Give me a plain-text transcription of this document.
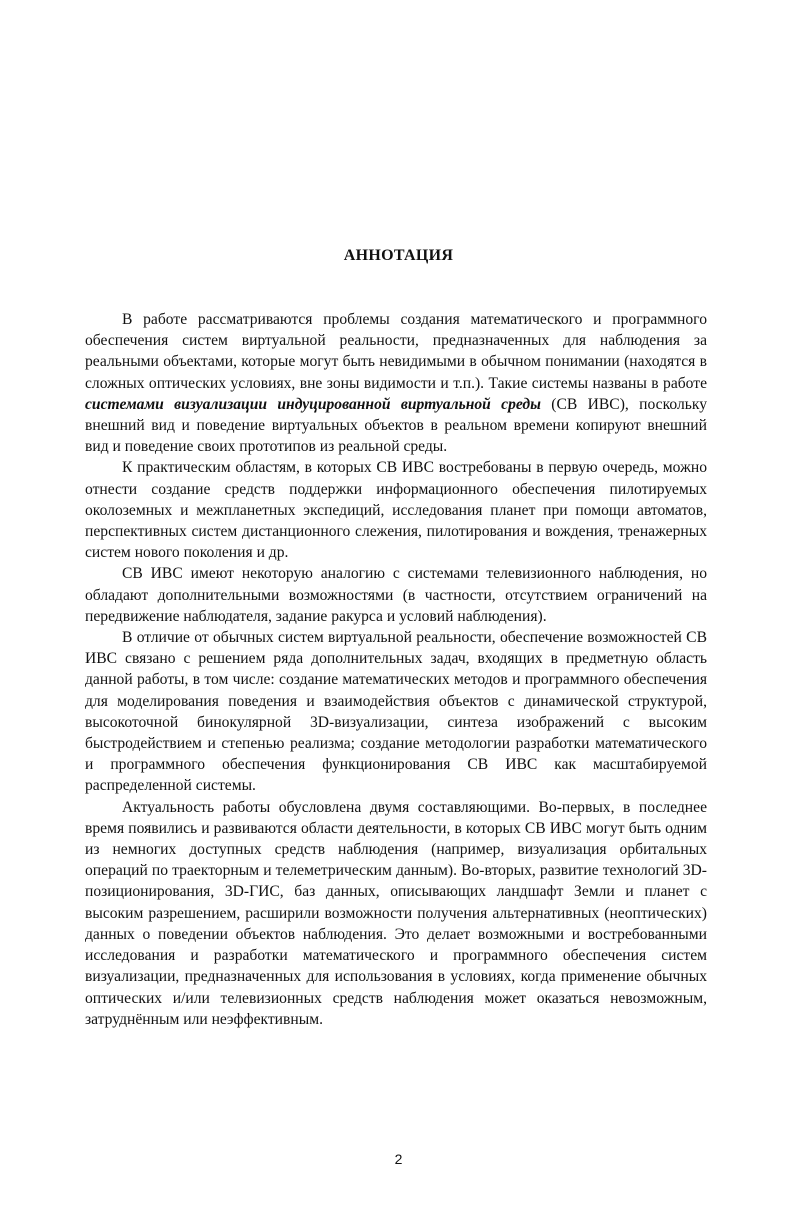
АННОТАЦИЯ

В работе рассматриваются проблемы создания математического и программного обеспечения систем виртуальной реальности, предназначенных для наблюдения за реальными объектами, которые могут быть невидимыми в обычном понимании (находятся в сложных оптических условиях, вне зоны видимости и т.п.). Такие системы названы в работе системами визуализации индуцированной виртуальной среды (СВ ИВС), поскольку внешний вид и поведение виртуальных объектов в реальном времени копируют внешний вид и поведение своих прототипов из реальной среды.

К практическим областям, в которых СВ ИВС востребованы в первую очередь, можно отнести создание средств поддержки информационного обеспечения пилотируемых околоземных и межпланетных экспедиций, исследования планет при помощи автоматов, перспективных систем дистанционного слежения, пилотирования и вождения, тренажерных систем нового поколения и др.

СВ ИВС имеют некоторую аналогию с системами телевизионного наблюдения, но обладают дополнительными возможностями (в частности, отсутствием ограничений на передвижение наблюдателя, задание ракурса и условий наблюдения).

В отличие от обычных систем виртуальной реальности, обеспечение возможностей СВ ИВС связано с решением ряда дополнительных задач, входящих в предметную область данной работы, в том числе: создание математических методов и программного обеспечения для моделирования поведения и взаимодействия объектов с динамической структурой, высокоточной бинокулярной 3D-визуализации, синтеза изображений с высоким быстродействием и степенью реализма; создание методологии разработки математического и программного обеспечения функционирования СВ ИВС как масштабируемой распределенной системы.

Актуальность работы обусловлена двумя составляющими. Во-первых, в последнее время появились и развиваются области деятельности, в которых СВ ИВС могут быть одним из немногих доступных средств наблюдения (например, визуализация орбитальных операций по траекторным и телеметрическим данным). Во-вторых, развитие технологий 3D-позиционирования, 3D-ГИС, баз данных, описывающих ландшафт Земли и планет с высоким разрешением, расширили возможности получения альтернативных (неоптических) данных о поведении объектов наблюдения. Это делает возможными и востребованными исследования и разработки математического и программного обеспечения систем визуализации, предназначенных для использования в условиях, когда применение обычных оптических и/или телевизионных средств наблюдения может оказаться невозможным, затруднённым или неэффективным.

2
